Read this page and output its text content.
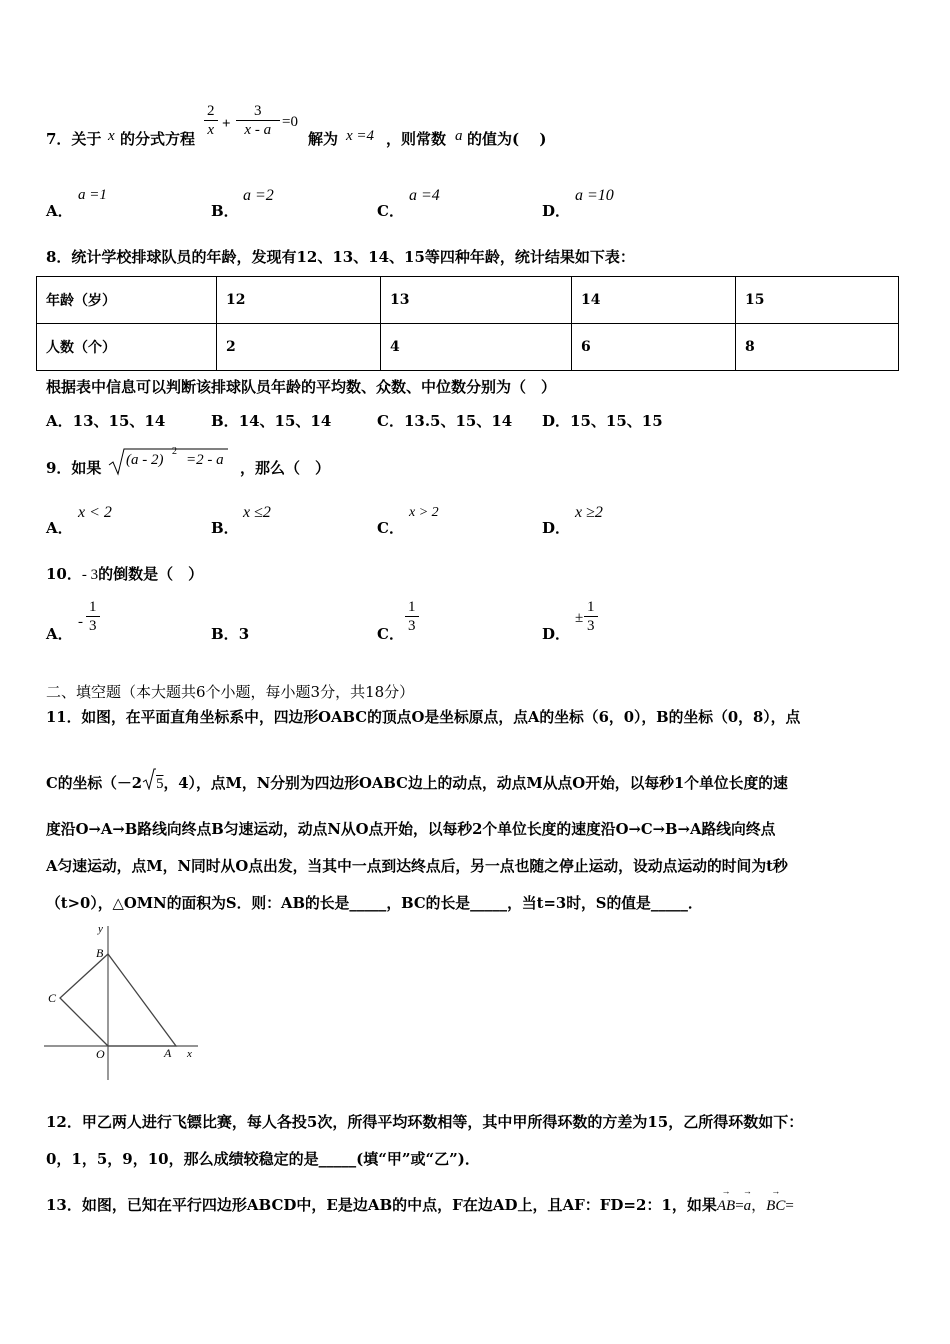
7．关于 x 的分式方程 $\frac{2}{x} + \frac{3}{x - a} =0$
解为 x =4 ，则常数 a 的值为(　 )
A．
a =1
B．
a =2
C．
a =4
D．
a =10
8．统计学校排球队员的年龄，发现有12、13、14、15等四种年龄，统计结果如下表：
年龄（岁）	12	13	14	15
人数（个）	2	4	6	8
根据表中信息可以判断该排球队员年龄的平均数、众数、中位数分别为（　）
A．13、15、14	B．14、15、14	C．13.5、15、14 D．15、15、15
9．如果 (a - 2)
2
=2 - a ，那么（　）
A．
x < 2
B．
x ≤2
C．
x > 2
D．
x ≥2
10．- 3的倒数是（　）
A．
- $\frac{1}{3}$	B．3	C． $\frac{1}{3}$	D．
± $\frac{1}{3}$
二、填空题（本大题共6个小题，每小题3分，共18分）
11．如图，在平面直角坐标系中，四边形OABC的顶点O是坐标原点，点A的坐标（6，0），B的坐标（0，8），点
C的坐标（－2 5，4），点M，N分别为四边形OABC边上的动点，动点M从点O开始，以每秒1个单位长度的速
度沿O→A→B路线向终点B匀速运动，动点N从O点开始，以每秒2个单位长度的速度沿O→C→B→A路线向终点
A匀速运动，点M，N同时从O点出发，当其中一点到达终点后，另一点也随之停止运动，设动点运动的时间为t秒
（t>0），△OMN的面积为S．则：AB的长是_____，BC的长是_____，当t=3时，S的值是_____．
y
B
C
O	A x
12．甲乙两人进行飞镖比赛，每人各投5次，所得平均环数相等，其中甲所得环数的方差为15，乙所得环数如下：
0，1，5，9，10，那么成绩较稳定的是_____(填“甲”或“乙”)．
13．如图，已知在平行四边形ABCD中，E是边AB的中点，F在边AD上，且AF：FD=2：1，如果→ AB=→ a，→ BC=
